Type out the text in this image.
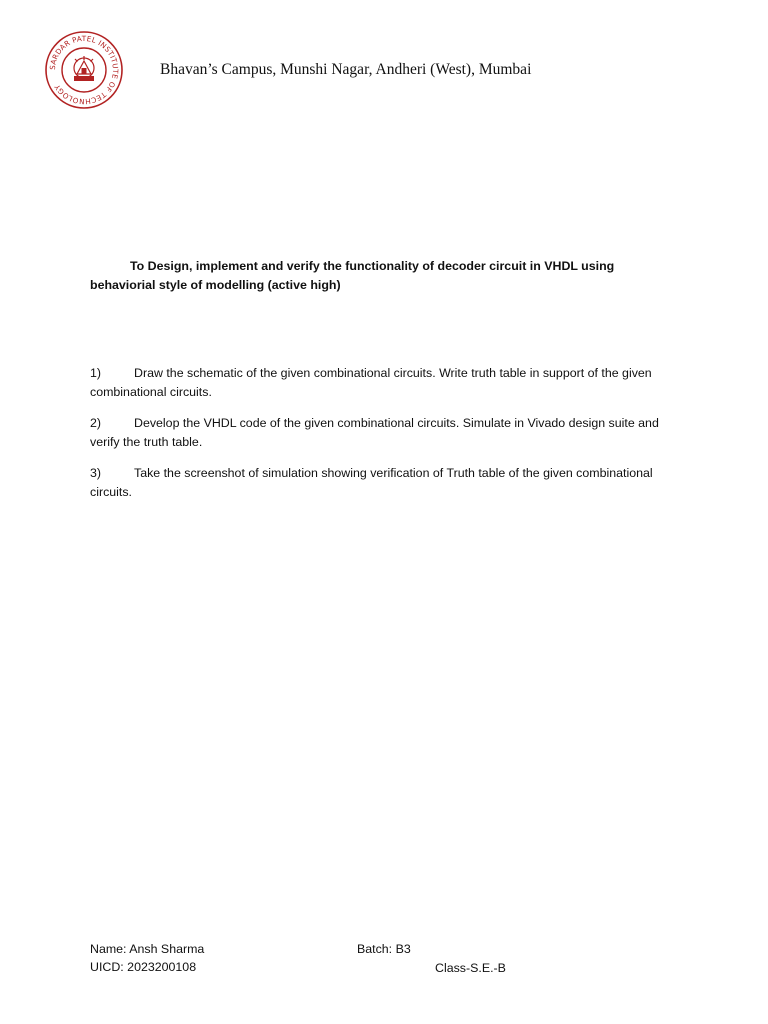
SARDAR PATEL INSTITUTE OF TECHNOLOGY
Bhavan’s Campus, Munshi Nagar, Andheri (West), Mumbai

To Design, implement and verify the functionality of decoder circuit in VHDL using behaviorial style of modelling (active high)

1)	Draw the schematic of the given combinational circuits. Write truth table in support of the given combinational circuits.
2)	Develop the VHDL code of the given combinational circuits. Simulate in Vivado design suite and verify the truth table.
3)	Take the screenshot of simulation showing verification of Truth table of the given combinational circuits.
Name: Ansh Sharma
UICD: 2023200108
Batch: B3
Class-S.E.-B
